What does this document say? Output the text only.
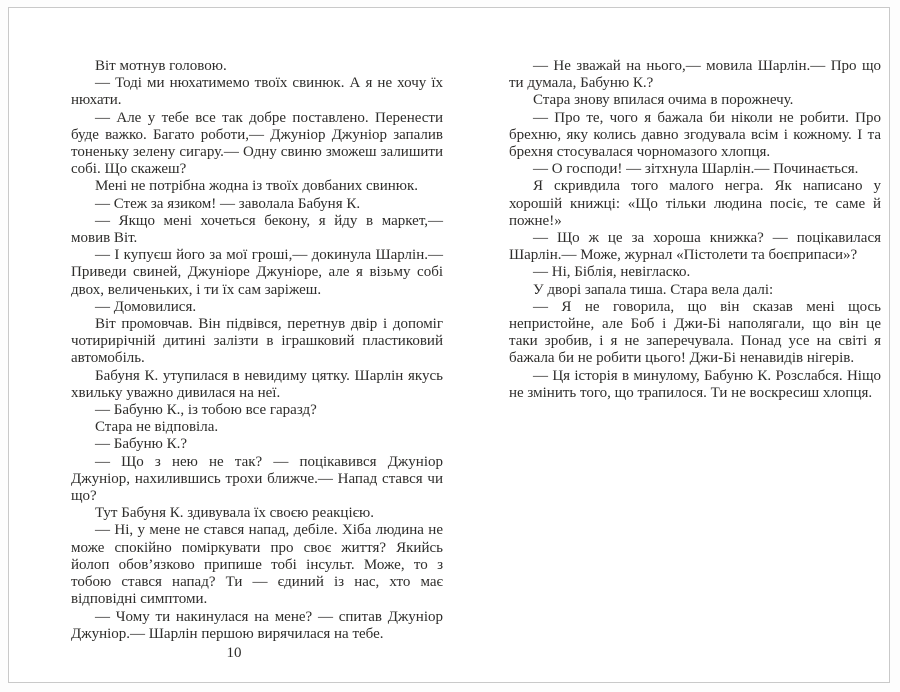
Віт мотнув головою.

— Тоді ми нюхатимемо твоїх свинюк. А я не хочу їх нюхати.

— Але у тебе все так добре поставлено. Перенести буде важко. Багато роботи,— Джуніор Джуніор запалив тоненьку зелену сигару.— Одну свиню зможеш залишити собі. Що скажеш?

Мені не потрібна жодна із твоїх довбаних свинюк.

— Стеж за язиком! — заволала Бабуня К.

— Якщо мені хочеться бекону, я йду в маркет,— мовив Віт.

— І купуєш його за мої гроші,— докинула Шарлін.— Приведи свиней, Джуніоре Джуніоре, але я візьму собі двох, величеньких, і ти їх сам заріжеш.

— Домовилися.

Віт промовчав. Він підвівся, перетнув двір і допоміг чотирирічній дитині залізти в іграшковий пластиковий автомобіль.

Бабуня К. утупилася в невидиму цятку. Шарлін якусь хвильку уважно дивилася на неї.

— Бабуню К., із тобою все гаразд?

Стара не відповіла.

— Бабуню К.?

— Що з нею не так? — поцікавився Джуніор Джуніор, нахилившись трохи ближче.— Напад стався чи що?

Тут Бабуня К. здивувала їх своєю реакцією.

— Ні, у мене не стався напад, дебіле. Хіба людина не може спокійно поміркувати про своє життя? Якийсь йолоп обов’язково припише тобі інсульт. Може, то з тобою стався напад? Ти — єдиний із нас, хто має відповідні симптоми.

— Чому ти накинулася на мене? — спитав Джуніор Джуніор.— Шарлін першою вирячилася на тебе.

— Не зважай на нього,— мовила Шарлін.— Про що ти думала, Бабуню К.?

Стара знову впилася очима в порожнечу.

— Про те, чого я бажала би ніколи не робити. Про брехню, яку колись давно згодувала всім і кожному. І та брехня стосувалася чорномазого хлопця.

— О господи! — зітхнула Шарлін.— Починається.

Я скривдила того малого негра. Як написано у хорошій книжці: «Що тільки людина посіє, те саме й пожне!»

— Що ж це за хороша книжка? — поцікавилася Шарлін.— Може, журнал «Пістолети та боєприпаси»?

— Ні, Біблія, невігласко.

У дворі запала тиша. Стара вела далі:

— Я не говорила, що він сказав мені щось непристойне, але Боб і Джи-Бі наполягали, що він це таки зробив, і я не заперечувала. Понад усе на світі я бажала би не робити цього! Джи-Бі ненавидів нігерів.

— Ця історія в минулому, Бабуню К. Розслабся. Ніщо не змінить того, що трапилося. Ти не воскресиш хлопця.

10
